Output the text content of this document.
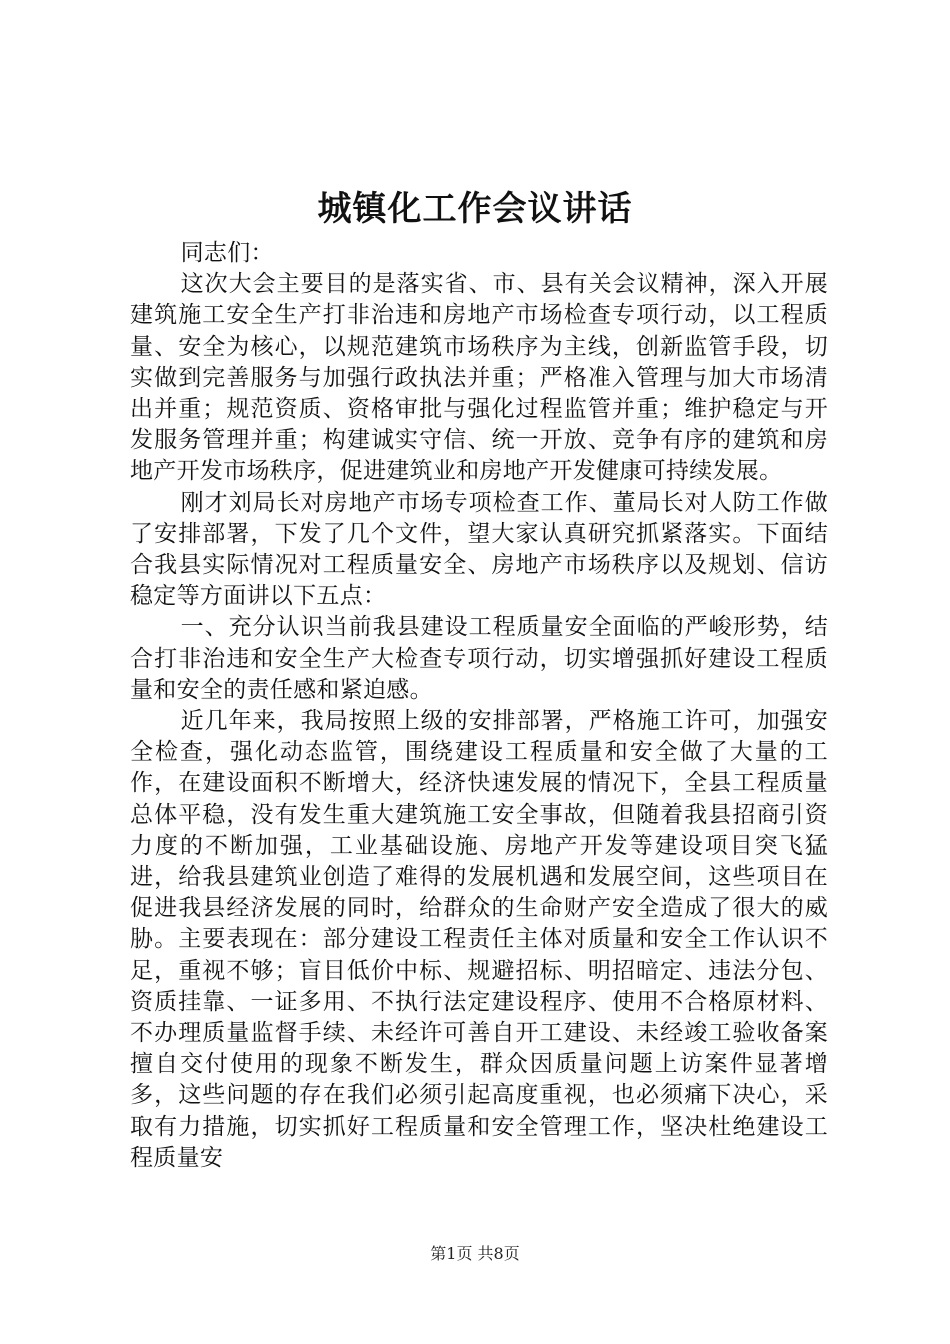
城镇化工作会议讲话

同志们：

这次大会主要目的是落实省、市、县有关会议精神，深入开展建筑施工安全生产打非治违和房地产市场检查专项行动，以工程质量、安全为核心，以规范建筑市场秩序为主线，创新监管手段，切实做到完善服务与加强行政执法并重；严格准入管理与加大市场清出并重；规范资质、资格审批与强化过程监管并重；维护稳定与开发服务管理并重；构建诚实守信、统一开放、竞争有序的建筑和房地产开发市场秩序，促进建筑业和房地产开发健康可持续发展。

刚才刘局长对房地产市场专项检查工作、董局长对人防工作做了安排部署，下发了几个文件，望大家认真研究抓紧落实。下面结合我县实际情况对工程质量安全、房地产市场秩序以及规划、信访稳定等方面讲以下五点：

一、充分认识当前我县建设工程质量安全面临的严峻形势，结合打非治违和安全生产大检查专项行动，切实增强抓好建设工程质量和安全的责任感和紧迫感。

近几年来，我局按照上级的安排部署，严格施工许可，加强安全检查，强化动态监管，围绕建设工程质量和安全做了大量的工作，在建设面积不断增大，经济快速发展的情况下，全县工程质量总体平稳，没有发生重大建筑施工安全事故，但随着我县招商引资力度的不断加强，工业基础设施、房地产开发等建设项目突飞猛进，给我县建筑业创造了难得的发展机遇和发展空间，这些项目在促进我县经济发展的同时，给群众的生命财产安全造成了很大的威胁。主要表现在：部分建设工程责任主体对质量和安全工作认识不足，重视不够；盲目低价中标、规避招标、明招暗定、违法分包、资质挂靠、一证多用、不执行法定建设程序、使用不合格原材料、不办理质量监督手续、未经许可善自开工建设、未经竣工验收备案擅自交付使用的现象不断发生，群众因质量问题上访案件显著增多，这些问题的存在我们必须引起高度重视，也必须痛下决心，采取有力措施，切实抓好工程质量和安全管理工作，坚决杜绝建设工程质量安

第1页 共8页
